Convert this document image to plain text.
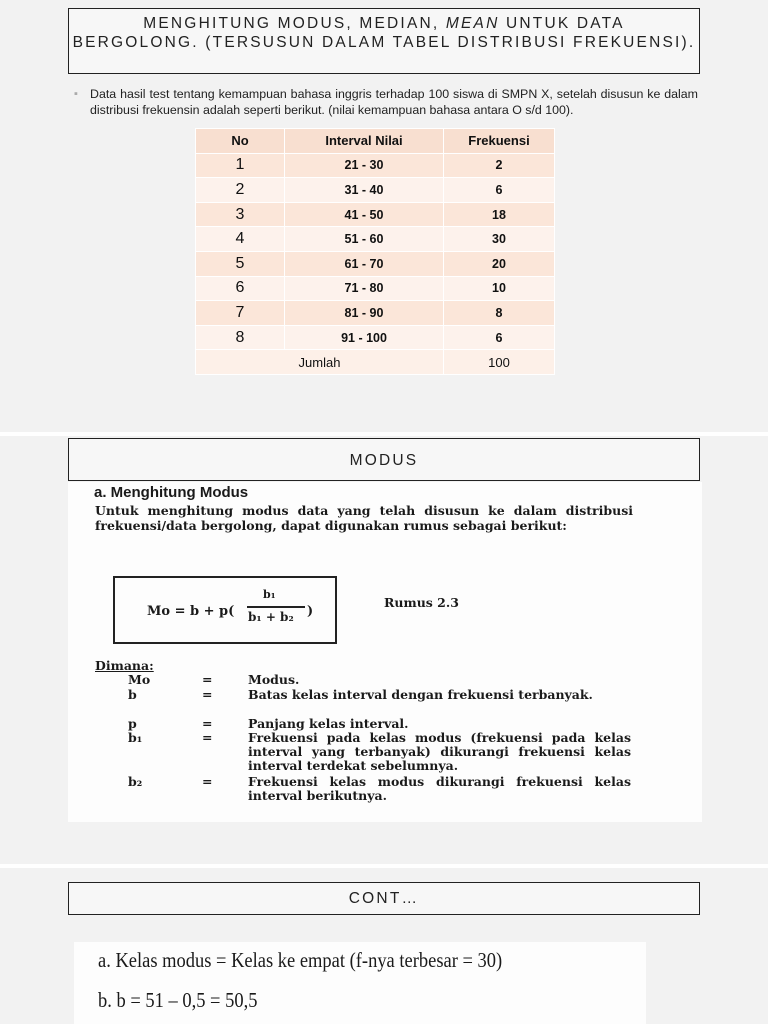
MENGHITUNG MODUS, MEDIAN, MEAN UNTUK DATA
BERGOLONG. (TERSUSUN DALAM TABEL DISTRIBUSI FREKUENSI).
▪ Data hasil test tentang kemampuan bahasa inggris terhadap 100 siswa di SMPN X, setelah disusun ke dalam distribusi frekuensin adalah seperti berikut. (nilai kemampuan bahasa antara O s/d 100).
No	Interval Nilai	Frekuensi
1	21 - 30	2
2	31 - 40	6
3	41 - 50	18
4	51 - 60	30
5	61 - 70	20
6	71 - 80	10
7	81 - 90	8
8	91 - 100	6
Jumlah		100
MODUS
a. Menghitung Modus
Untuk menghitung modus data yang telah disusun ke dalam distribusi frekuensi/data bergolong, dapat digunakan rumus sebagai berikut:
Mo = b + p(
b₁
b₁ + b₂ )
Rumus 2.3
Dimana:
Mo	=	Modus.
b	=	Batas kelas interval dengan frekuensi terbanyak.
p	=	Panjang kelas interval.
b₁	=	Frekuensi pada kelas modus (frekuensi pada kelas interval yang terbanyak) dikurangi frekuensi kelas interval terdekat sebelumnya.
b₂	=	Frekuensi kelas modus dikurangi frekuensi kelas interval berikutnya.
CONT…
a. Kelas modus = Kelas ke empat (f-nya terbesar = 30)
b. b = 51 – 0,5 = 50,5
